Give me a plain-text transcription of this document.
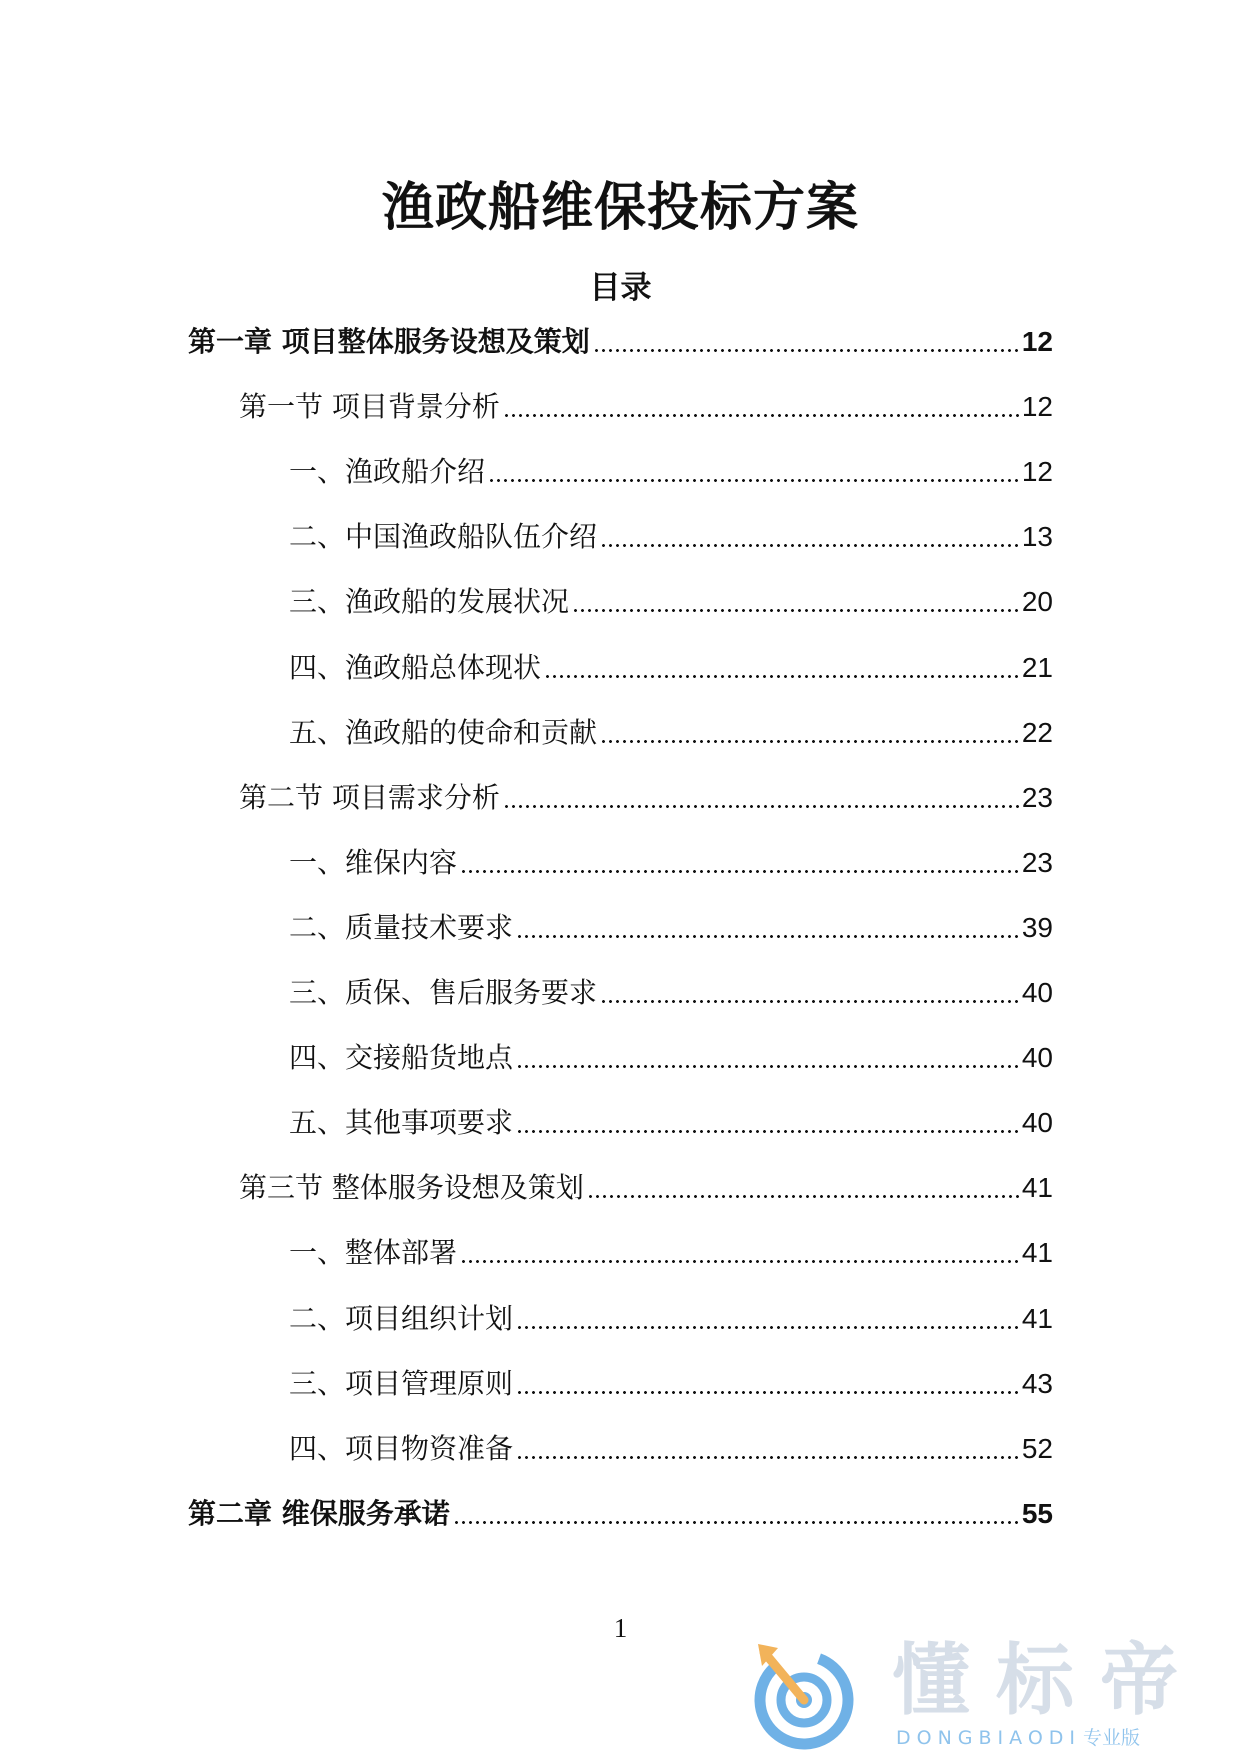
渔政船维保投标方案
目录
第一章 项目整体服务设想及策划	12
第一节 项目背景分析	12
一、渔政船介绍	12
二、中国渔政船队伍介绍	13
三、渔政船的发展状况	20
四、渔政船总体现状	21
五、渔政船的使命和贡献	22
第二节 项目需求分析	23
一、维保内容	23
二、质量技术要求	39
三、质保、售后服务要求	40
四、交接船货地点	40
五、其他事项要求	40
第三节 整体服务设想及策划	41
一、整体部署	41
二、项目组织计划	41
三、项目管理原则	43
四、项目物资准备	52
第二章 维保服务承诺	55
1
懂标帝
DONGBIAODI 专业版
